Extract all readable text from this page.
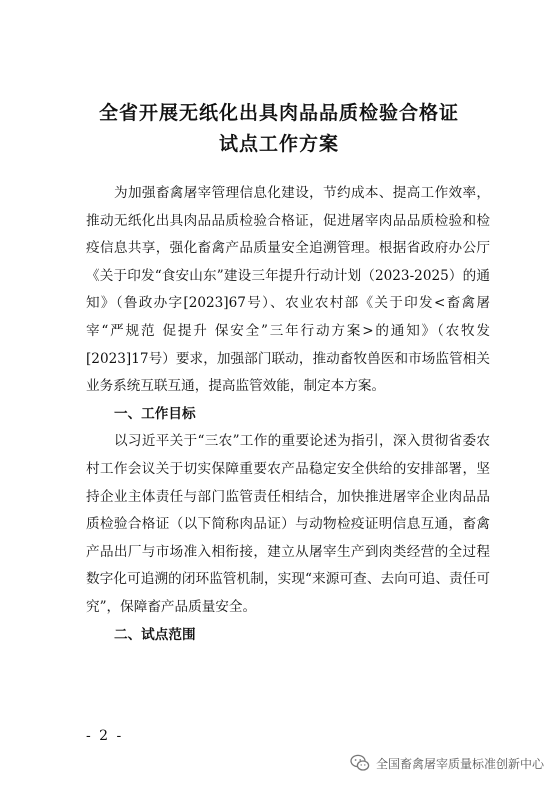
全省开展无纸化出具肉品品质检验合格证
试点工作方案

为加强畜禽屠宰管理信息化建设，节约成本、提高工作效率，推动无纸化出具肉品品质检验合格证，促进屠宰肉品品质检验和检疫信息共享，强化畜禽产品质量安全追溯管理。根据省政府办公厅《关于印发“食安山东”建设三年提升行动计划（2023-2025）的通知》（鲁政办字[2023]67号）、农业农村部《关于印发<畜禽屠宰“严规范 促提升 保安全”三年行动方案>的通知》（农牧发[2023]17号）要求，加强部门联动，推动畜牧兽医和市场监管相关业务系统互联互通，提高监管效能，制定本方案。

一、工作目标

以习近平关于“三农”工作的重要论述为指引，深入贯彻省委农村工作会议关于切实保障重要农产品稳定安全供给的安排部署，坚持企业主体责任与部门监管责任相结合，加快推进屠宰企业肉品品质检验合格证（以下简称肉品证）与动物检疫证明信息互通，畜禽产品出厂与市场准入相衔接，建立从屠宰生产到肉类经营的全过程数字化可追溯的闭环监管机制，实现“来源可查、去向可追、责任可究”，保障畜产品质量安全。

二、试点范围
- 2 -
全国畜禽屠宰质量标准创新中心
